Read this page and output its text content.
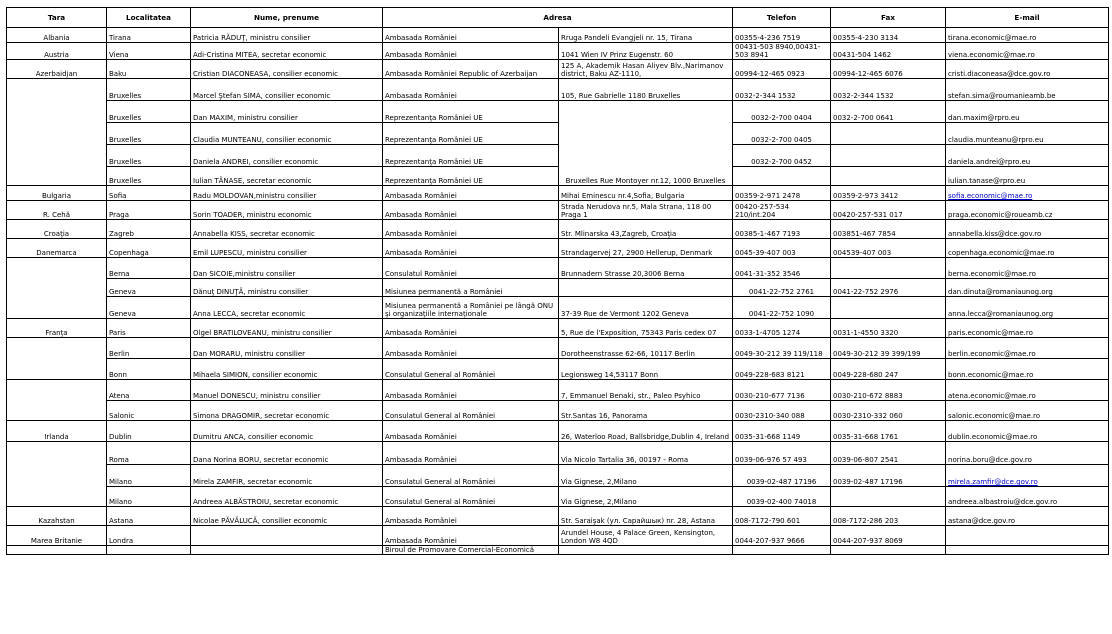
Tara	Localitatea	Nume, prenume	Adresa		Telefon	Fax	E-mail
Albania	Tirana	Patricia RĂDUŢ, ministru consilier	Ambasada României	Rruga Pandeli Evangjeli nr. 15, Tirana	00355-4-236 7519	00355-4-230 3134	tirana.economic@mae.ro
Austria	Viena	Adi-Cristina MITEA, secretar economic	Ambasada României	1041 Wien IV Prinz Eugenstr. 60	00431-503 8940,00431-503 8941	00431-504 1462	viena.economic@mae.ro
Azerbaidjan	Baku	Cristian DIACONEASA, consilier economic	Ambasada României Republic of Azerbaijan	125 A, Akademik Hasan Aliyev Blv.,Narimanov district, Baku AZ-1110,	00994-12-465 0923	00994-12-465 6076	cristi.diaconeasa@dce.gov.ro
	Bruxelles	Marcel Ştefan SIMA, consilier economic	Ambasada României	105, Rue Gabrielle 1180 Bruxelles	0032-2-344 1532	0032-2-344 1532	stefan.sima@roumanieamb.be
	Bruxelles	Dan MAXIM, ministru consilier	Reprezentanţa României UE	Bruxelles Rue Montoyer nr.12, 1000 Bruxelles	0032-2-700 0404	0032-2-700 0641	dan.maxim@rpro.eu
	Bruxelles	Claudia MUNTEANU, consilier economic	Reprezentanţa României UE		0032-2-700 0405		claudia.munteanu@rpro.eu
	Bruxelles	Daniela ANDREI, consilier economic	Reprezentanţa României UE		0032-2-700 0452		daniela.andrei@rpro.eu
	Bruxelles	Iulian TĂNASE, secretar economic	Reprezentanţa României UE				iulian.tanase@rpro.eu
Bulgaria	Sofia	Radu MOLDOVAN,ministru consilier	Ambasada României	Mihai Eminescu nr.4,Sofia, Bulgaria	00359-2-971 2478	00359-2-973 3412	sofia.economic@mae.ro
R. Cehă	Praga	Sorin TOADER, ministru economic	Ambasada României	Strada Nerudova nr.5, Mala Strana, 118 00 Praga 1	00420-257-534 210/int.204	00420-257-531 017	praga.economic@roueamb.cz
Croaţia	Zagreb	Annabella KISS, secretar economic	Ambasada României	Str. Mlinarska 43,Zagreb, Croaţia	00385-1-467 7193	003851-467 7854	annabella.kiss@dce.gov.ro
Danemarca	Copenhaga	Emil LUPESCU, ministru consilier	Ambasada României	Strandagervej 27, 2900 Hellerup, Denmark	0045-39-407 003	004539-407 003	copenhaga.economic@mae.ro
	Berna	Dan SICOIE,ministru consilier	Consulatul României	Brunnadern Strasse 20,3006 Berna	0041-31-352 3546		berna.economic@mae.ro
	Geneva	Dănuţ DINUŢĂ, ministru consilier	Misiunea permanentă a României		0041-22-752 2761	0041-22-752 2976	dan.dinuta@romaniaunog.org
	Geneva	Anna LECCA, secretar economic	Misiunea permanentă a României pe lângă ONU şi organizaţiile internaţionale	37-39 Rue de Vermont 1202 Geneva	0041-22-752 1090		anna.lecca@romaniaunog.org
Franţa	Paris	Olgel BRATILOVEANU, ministru consilier	Ambasada României	5, Rue de l'Exposition, 75343 Paris cedex 07	0033-1-4705 1274	0031-1-4550 3320	paris.economic@mae.ro
	Berlin	Dan MORARU, ministru consilier	Ambasada României	Dorotheenstrasse 62-66, 10117 Berlin	0049-30-212 39 119/118	0049-30-212 39 399/199	berlin.economic@mae.ro
	Bonn	Mihaela SIMION, consilier economic	Consulatul General al României	Legionsweg 14,53117 Bonn	0049-228-683 8121	0049-228-680 247	bonn.economic@mae.ro
	Atena	Manuel DONESCU, ministru consilier	Ambasada României	7, Emmanuel Benaki, str., Paleo Psyhico	0030-210-677 7136	0030-210-672 8883	atena.economic@mae.ro
	Salonic	Simona DRAGOMIR, secretar economic	Consulatul General al României	Str.Santas 16, Panorama	0030-2310-340 088	0030-2310-332 060	salonic.economic@mae.ro
Irlanda	Dublin	Dumitru ANCA, consilier economic	Ambasada României	26, Waterloo Road, Ballsbridge,Dublin 4, Ireland	0035-31-668 1149	0035-31-668 1761	dublin.economic@mae.ro
	Roma	Dana Norina BORU, secretar economic	Ambasada României	Via Nicolo Tartalia 36, 00197 - Roma	0039-06-976 57 493	0039-06-807 2541	norina.boru@dce.gov.ro
	Milano	Mirela ZAMFIR, secretar economic	Consulatul General al României	Via Gignese, 2,Milano	0039-02-487 17196	0039-02-487 17196	mirela.zamfir@dce.gov.ro
	Milano	Andreea ALBĂSTROIU, secretar economic	Consulatul General al României	Via Gignese, 2,Milano	0039-02-400 74018		andreea.albastroiu@dce.gov.ro
Kazahstan	Astana	Nicolae PĂVĂLUCĂ, consilier economic	Ambasada României	Str. Saraişak (ул. Сарайшык) nr. 28, Astana	008-7172-790 601	008-7172-286 203	astana@dce.gov.ro
Marea Britanie	Londra		Ambasada României	Arundel House, 4 Palace Green, Kensington, London W8 4QD	0044-207-937 9666	0044-207-937 8069	
			Biroul de Promovare Comercial-Economică				
